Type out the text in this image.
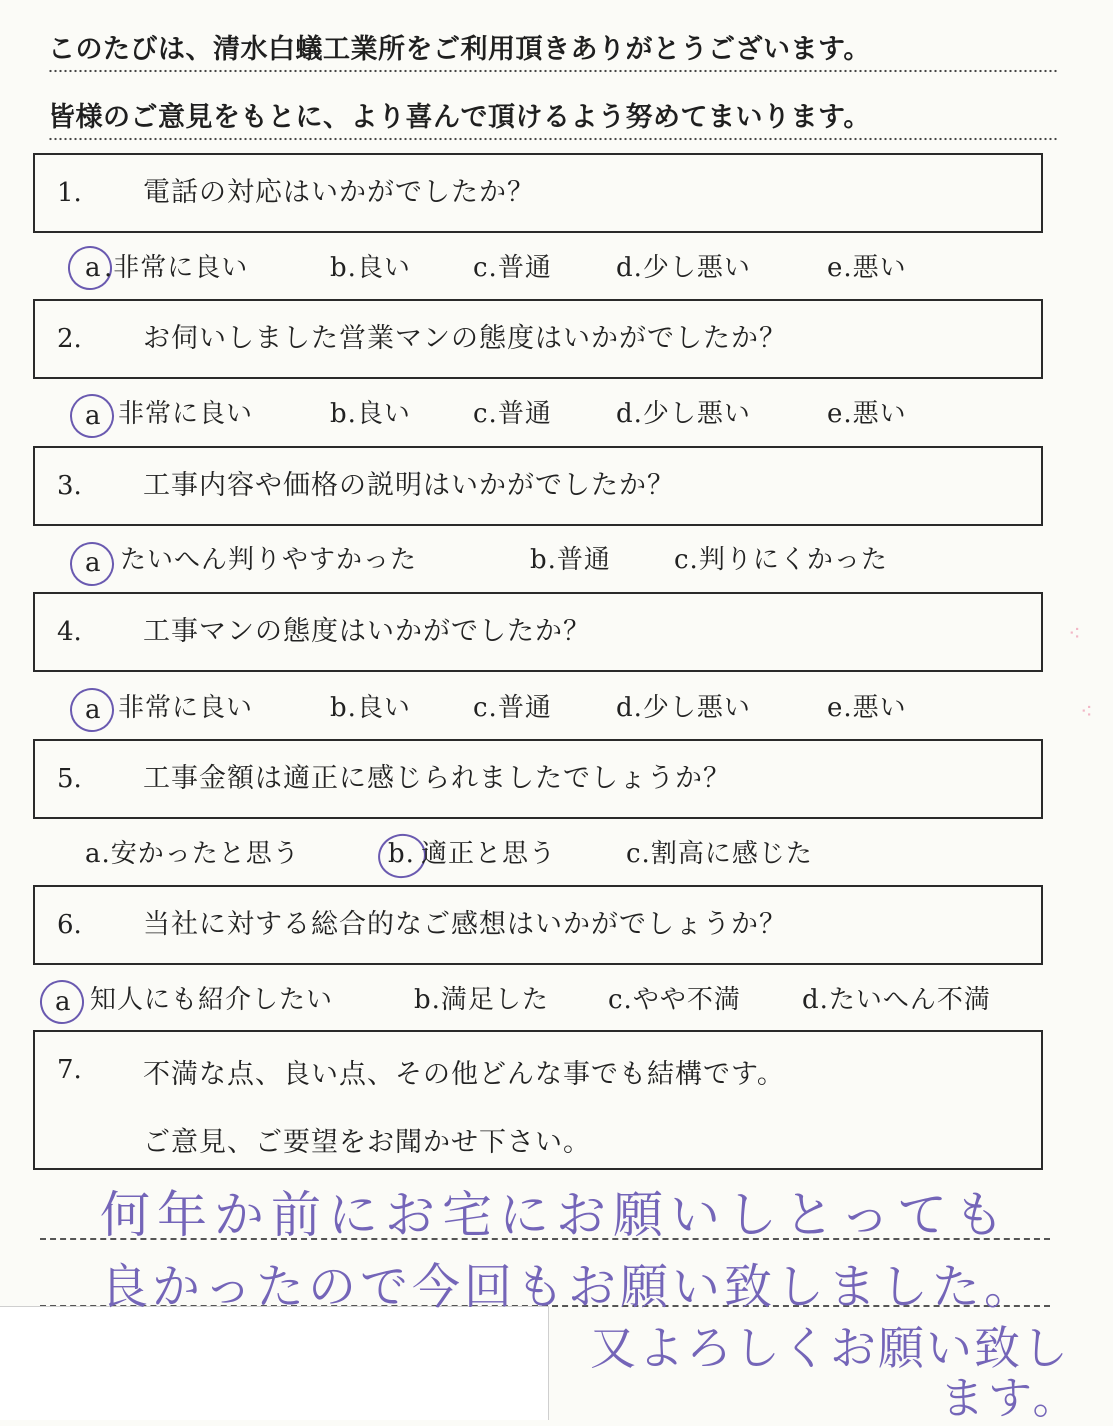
このたびは、清水白蟻工業所をご利用頂きありがとうございます。
皆様のご意見をもとに、より喜んで頂けるよう努めてまいります。
1. 電話の対応はいかがでしたか？
a .非常に良い	b.良い c.普通 d.少し悪い	e.悪い
2. お伺いしました営業マンの態度はいかがでしたか？
a 非常に良い	b.良い c.普通 d.少し悪い	e.悪い
3. 工事内容や価格の説明はいかがでしたか？
a たいへん判りやすかった	b.普通 c.判りにくかった
4. 工事マンの態度はいかがでしたか？
a 非常に良い	b.良い c.普通 d.少し悪い	e.悪い
5. 工事金額は適正に感じられましたでしょうか？
a.安かったと思う	b. 適正と思う	c.割高に感じた
6. 当社に対する総合的なご感想はいかがでしょうか？
a 知人にも紹介したい	b.満足した c.やや不満 d.たいへん不満
7. 不満な点、良い点、その他どんな事でも結構です。
ご意見、ご要望をお聞かせ下さい。
何年か前にお宅にお願いしとっても
良かったので今回もお願い致しました。
又よろしくお願い致し
ます。
⁖
⁖
